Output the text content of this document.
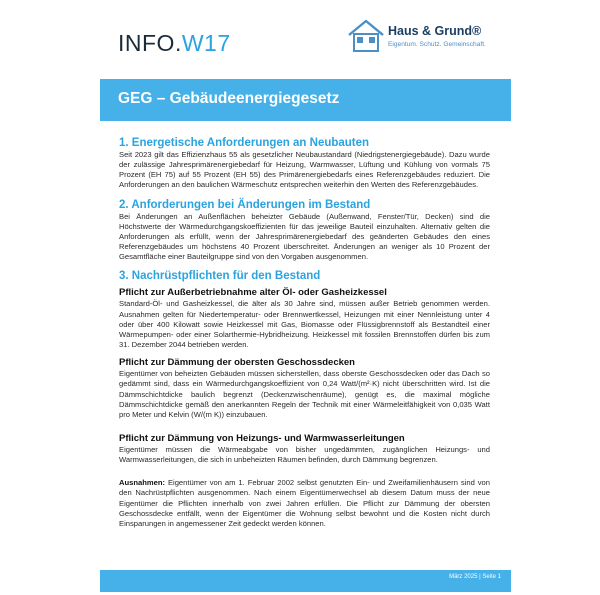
INFO.W17	Haus & Grund®
Eigentum. Schutz. Gemeinschaft.
GEG – Gebäudeenergiegesetz
1. Energetische Anforderungen an Neubauten

Seit 2023 gilt das Effizienzhaus 55 als gesetzlicher Neubaustandard (Niedrigstenergiegebäude). Dazu wurde der zulässige Jahresprimärenergiebedarf für Heizung, Warmwasser, Lüftung und Kühlung von vormals 75 Prozent (EH 75) auf 55 Prozent (EH 55) des Primärenergiebedarfs eines Referenzgebäudes reduziert. Die Anforderungen an den baulichen Wärmeschutz entsprechen weiterhin den Werten des Referenzgebäudes.

2. Anforderungen bei Änderungen im Bestand

Bei Änderungen an Außenflächen beheizter Gebäude (Außenwand, Fenster/Tür, Decken) sind die Höchstwerte der Wärmedurchgangskoeffizienten für das jeweilige Bauteil einzuhalten. Alternativ gelten die Anforderungen als erfüllt, wenn der Jahresprimärenergiebedarf des geänderten Gebäudes den eines Referenzgebäudes um höchstens 40 Prozent überschreitet. Änderungen an weniger als 10 Prozent der Gesamtfläche einer Bauteilgruppe sind von den Vorgaben ausgenommen.

3. Nachrüstpflichten für den Bestand
Pflicht zur Außerbetriebnahme alter Öl- oder Gasheizkessel

Standard-Öl- und Gasheizkessel, die älter als 30 Jahre sind, müssen außer Betrieb genommen werden. Ausnahmen gelten für Niedertemperatur- oder Brennwertkessel, Heizungen mit einer Nennleistung unter 4 oder über 400 Kilowatt sowie Heizkessel mit Gas, Biomasse oder Flüssigbrennstoff als Bestandteil einer Wärmepumpen- oder einer Solarthermie-Hybridheizung. Heizkessel mit fossilen Brennstoffen dürfen bis zum 31. Dezember 2044 betrieben werden.

Pflicht zur Dämmung der obersten Geschossdecken

Eigentümer von beheizten Gebäuden müssen sicherstellen, dass oberste Geschossdecken oder das Dach so gedämmt sind, dass ein Wärmedurchgangskoeffizient von 0,24 Watt/(m²·K) nicht überschritten wird. Ist die Dämmschichtdicke baulich begrenzt (Deckenzwischenräume), genügt es, die maximal mögliche Dämmschichtdicke gemäß den anerkannten Regeln der Technik mit einer Wärmeleitfähigkeit von 0,035 Watt pro Meter und Kelvin (W/(m K)) einzubauen.

Pflicht zur Dämmung von Heizungs- und Warmwasserleitungen

Eigentümer müssen die Wärmeabgabe von bisher ungedämmten, zugänglichen Heizungs- und Warmwasserleitungen, die sich in unbeheizten Räumen befinden, durch Dämmung begrenzen.

Ausnahmen: Eigentümer von am 1. Februar 2002 selbst genutzten Ein- und Zweifamilienhäusern sind von den Nachrüstpflichten ausgenommen. Nach einem Eigentümerwechsel ab diesem Datum muss der neue Eigentümer die Pflichten innerhalb von zwei Jahren erfüllen. Die Pflicht zur Dämmung der obersten Geschossdecke entfällt, wenn der Eigentümer die Wohnung selbst bewohnt und die Kosten nicht durch Einsparungen in angemessener Zeit gedeckt werden können.

März 2025 | Seite 1
